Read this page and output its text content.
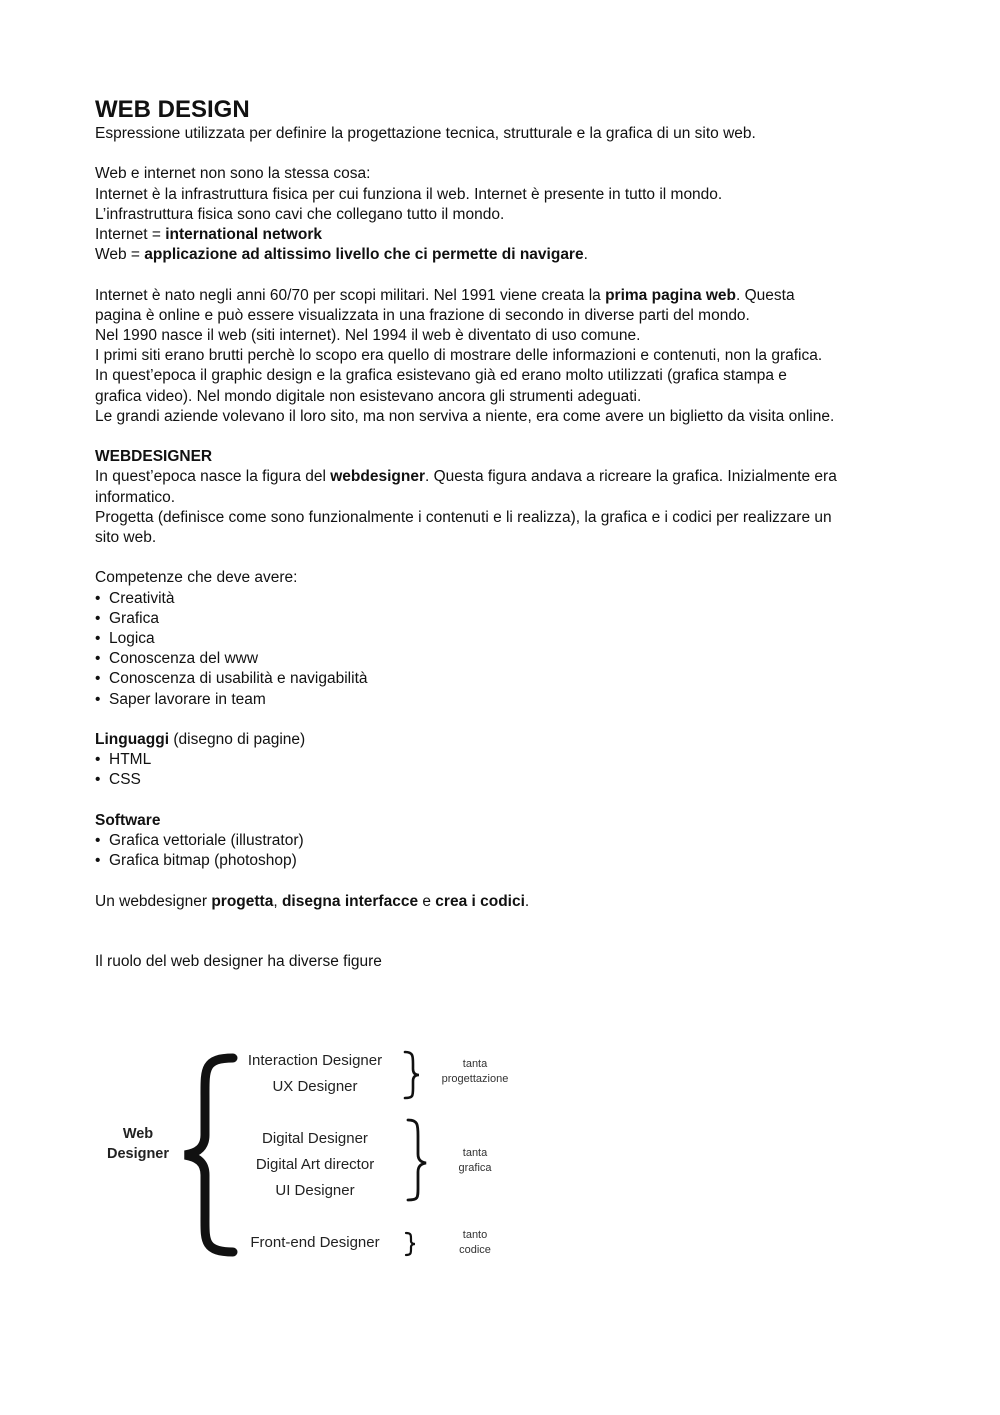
WEB DESIGN

Espressione utilizzata per definire la progettazione tecnica, strutturale e la grafica di un sito web.

Web e internet non sono la stessa cosa:
Internet è la infrastruttura fisica per cui funziona il web. Internet è presente in tutto il mondo.
L’infrastruttura fisica sono cavi che collegano tutto il mondo.
Internet = international network
Web = applicazione ad altissimo livello che ci permette di navigare.
Internet è nato negli anni 60/70 per scopi militari. Nel 1991 viene creata la prima pagina web. Questa
pagina è online e può essere visualizzata in una frazione di secondo in diverse parti del mondo.
Nel 1990 nasce il web (siti internet). Nel 1994 il web è diventato di uso comune.
I primi siti erano brutti perchè lo scopo era quello di mostrare delle informazioni e contenuti, non la grafica.
In quest’epoca il graphic design e la grafica esistevano già ed erano molto utilizzati (grafica stampa e
grafica video). Nel mondo digitale non esistevano ancora gli strumenti adeguati.
Le grandi aziende volevano il loro sito, ma non serviva a niente, era come avere un biglietto da visita online.
WEBDESIGNER
In quest’epoca nasce la figura del webdesigner. Questa figura andava a ricreare la grafica. Inizialmente era
informatico.
Progetta (definisce come sono funzionalmente i contenuti e li realizza), la grafica e i codici per realizzare un
sito web.
Competenze che deve avere:
• Creatività
• Grafica
• Logica
• Conoscenza del www
• Conoscenza di usabilità e navigabilità
• Saper lavorare in team
Linguaggi (disegno di pagine)
• HTML
• CSS
Software
• Grafica vettoriale (illustrator)
• Grafica bitmap (photoshop)
Un webdesigner progetta, disegna interfacce e crea i codici.
Il ruolo del web designer ha diverse figure
Web
Designer
Interaction Designer
UX Designer
tanta
progettazione
Digital Designer
Digital Art director
UI Designer
tanta
grafica
Front-end Designer	tanto
codice
